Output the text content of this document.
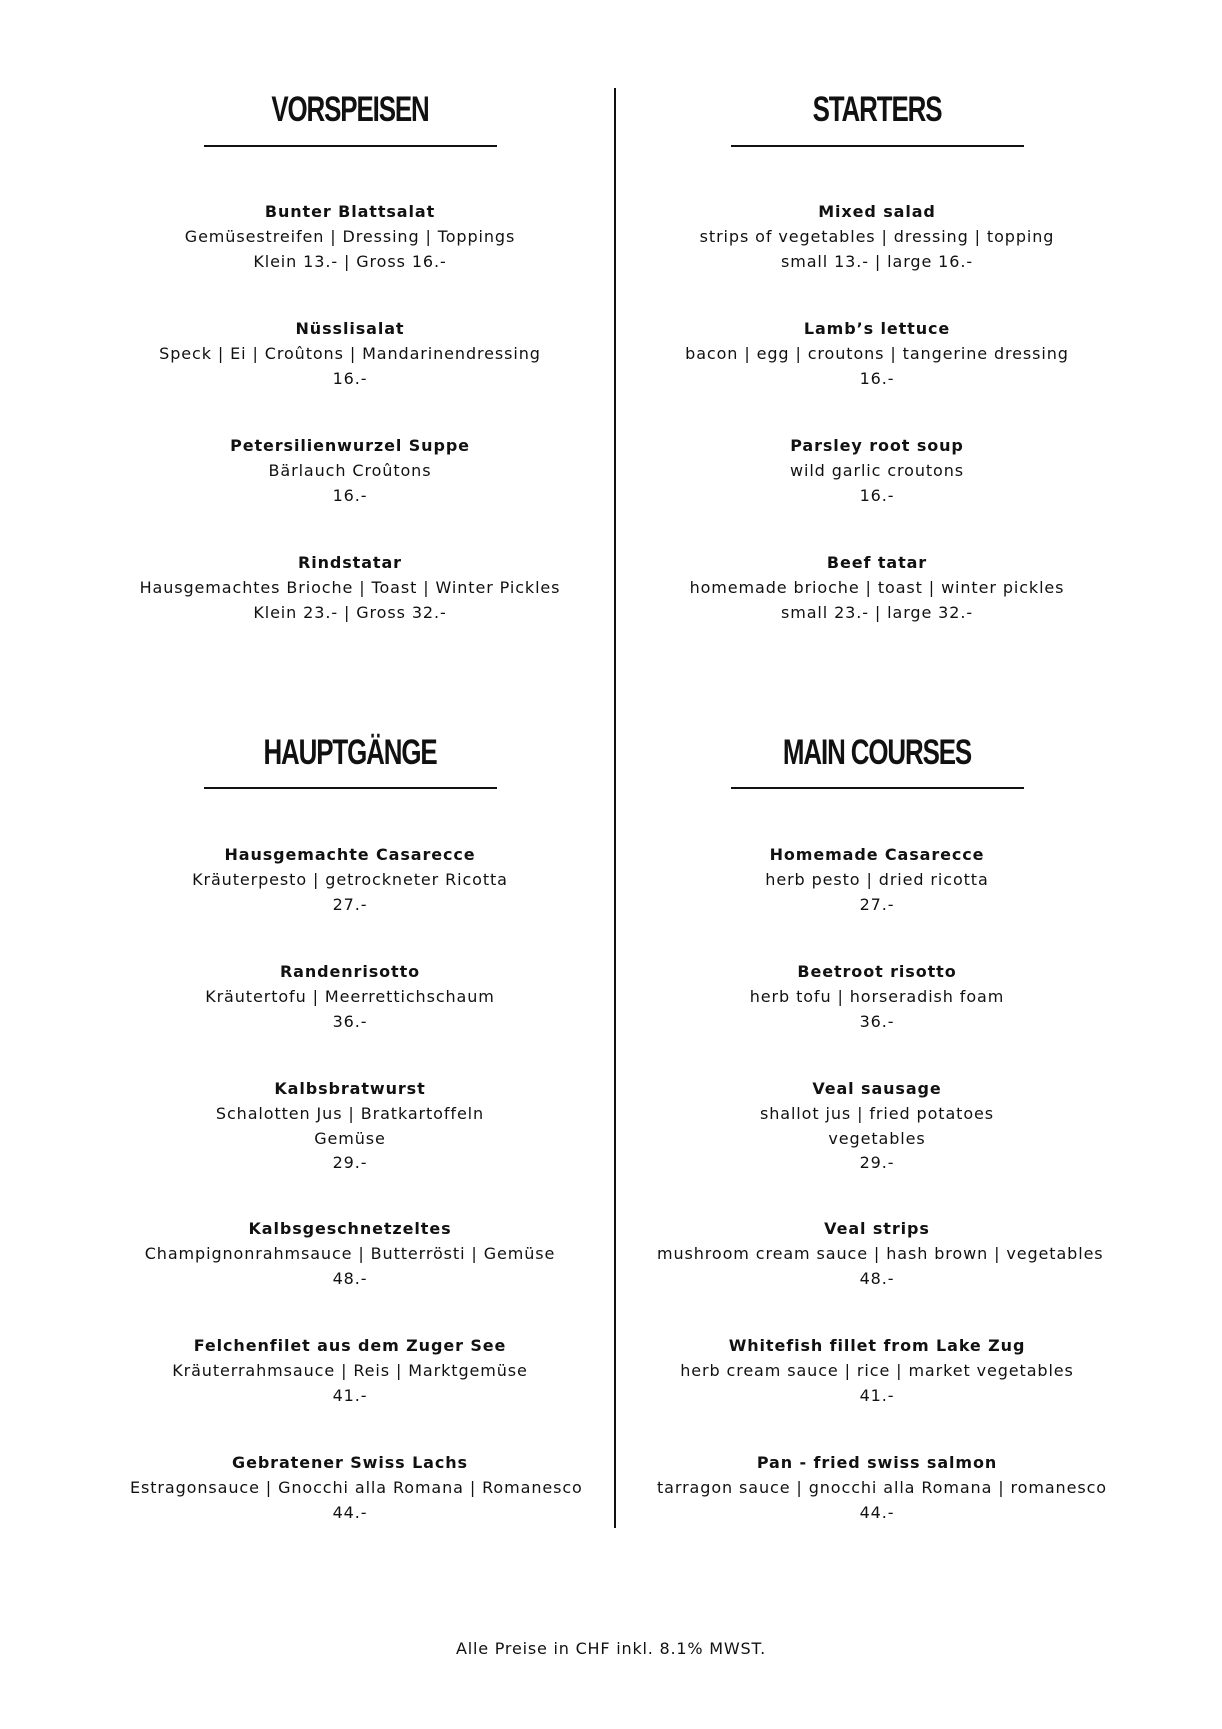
VORSPEISEN
Bunter Blattsalat
Gemüsestreifen | Dressing | Toppings
Klein 13.- | Gross 16.-
Nüsslisalat
Speck | Ei | Croûtons | Mandarinendressing
16.-
Petersilienwurzel Suppe
Bärlauch Croûtons
16.-
Rindstatar
Hausgemachtes Brioche | Toast | Winter Pickles
Klein 23.- | Gross 32.-
HAUPTGÄNGE
Hausgemachte Casarecce
Kräuterpesto | getrockneter Ricotta
27.-
Randenrisotto
Kräutertofu | Meerrettichschaum
36.-
Kalbsbratwurst
Schalotten Jus | Bratkartoffeln
Gemüse
29.-
Kalbsgeschnetzeltes
Champignonrahmsauce | Butterrösti | Gemüse
48.-
Felchenfilet aus dem Zuger See
Kräuterrahmsauce | Reis | Marktgemüse
41.-
Gebratener Swiss Lachs
Estragonsauce | Gnocchi alla Romana | Romanesco
44.-
STARTERS
Mixed salad
strips of vegetables | dressing | topping
small 13.- | large 16.-
Lamb’s lettuce
bacon | egg | croutons | tangerine dressing
16.-
Parsley root soup
wild garlic croutons
16.-
Beef tatar
homemade brioche | toast | winter pickles
small 23.- | large 32.-
MAIN COURSES
Homemade Casarecce
herb pesto | dried ricotta
27.-
Beetroot risotto
herb tofu | horseradish foam
36.-
Veal sausage
shallot jus | fried potatoes
vegetables
29.-
Veal strips
mushroom cream sauce | hash brown | vegetables
48.-
Whitefish fillet from Lake Zug
herb cream sauce | rice | market vegetables
41.-
Pan - fried swiss salmon
tarragon sauce | gnocchi alla Romana | romanesco
44.-
Alle Preise in CHF inkl. 8.1% MWST.
